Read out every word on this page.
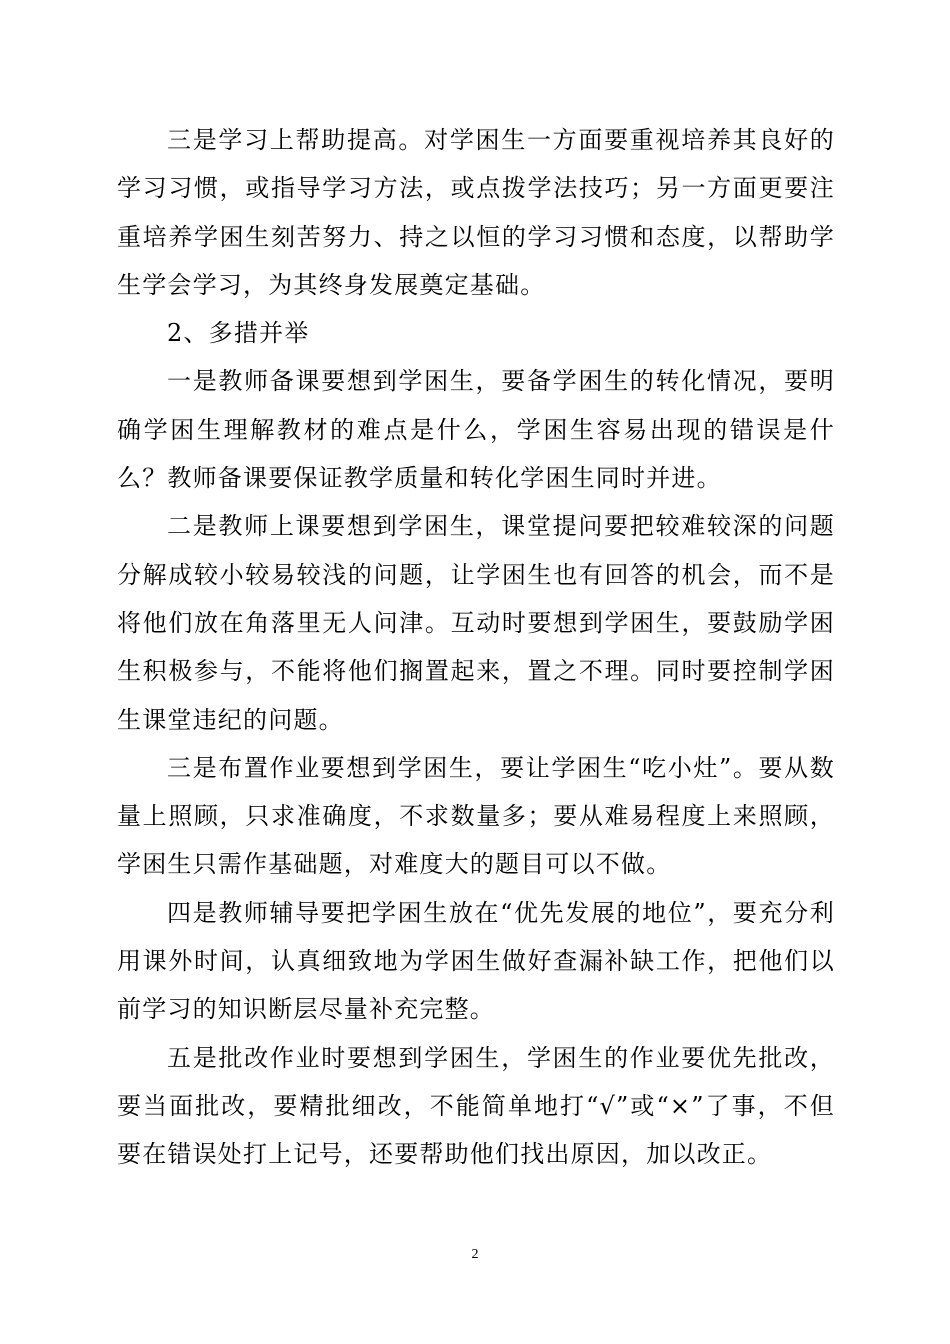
三是学习上帮助提高。对学困生一方面要重视培养其良好的学习习惯，或指导学习方法，或点拨学法技巧；另一方面更要注重培养学困生刻苦努力、持之以恒的学习习惯和态度，以帮助学生学会学习，为其终身发展奠定基础。

2、多措并举

一是教师备课要想到学困生，要备学困生的转化情况，要明确学困生理解教材的难点是什么，学困生容易出现的错误是什么？教师备课要保证教学质量和转化学困生同时并进。

二是教师上课要想到学困生，课堂提问要把较难较深的问题分解成较小较易较浅的问题，让学困生也有回答的机会，而不是将他们放在角落里无人问津。互动时要想到学困生，要鼓励学困生积极参与，不能将他们搁置起来，置之不理。同时要控制学困生课堂违纪的问题。

三是布置作业要想到学困生，要让学困生“吃小灶”。要从数量上照顾，只求准确度，不求数量多；要从难易程度上来照顾，学困生只需作基础题，对难度大的题目可以不做。

四是教师辅导要把学困生放在“优先发展的地位”，要充分利用课外时间，认真细致地为学困生做好查漏补缺工作，把他们以前学习的知识断层尽量补充完整。

五是批改作业时要想到学困生，学困生的作业要优先批改，要当面批改，要精批细改，不能简单地打“√”或“×”了事，不但要在错误处打上记号，还要帮助他们找出原因，加以改正。

2
